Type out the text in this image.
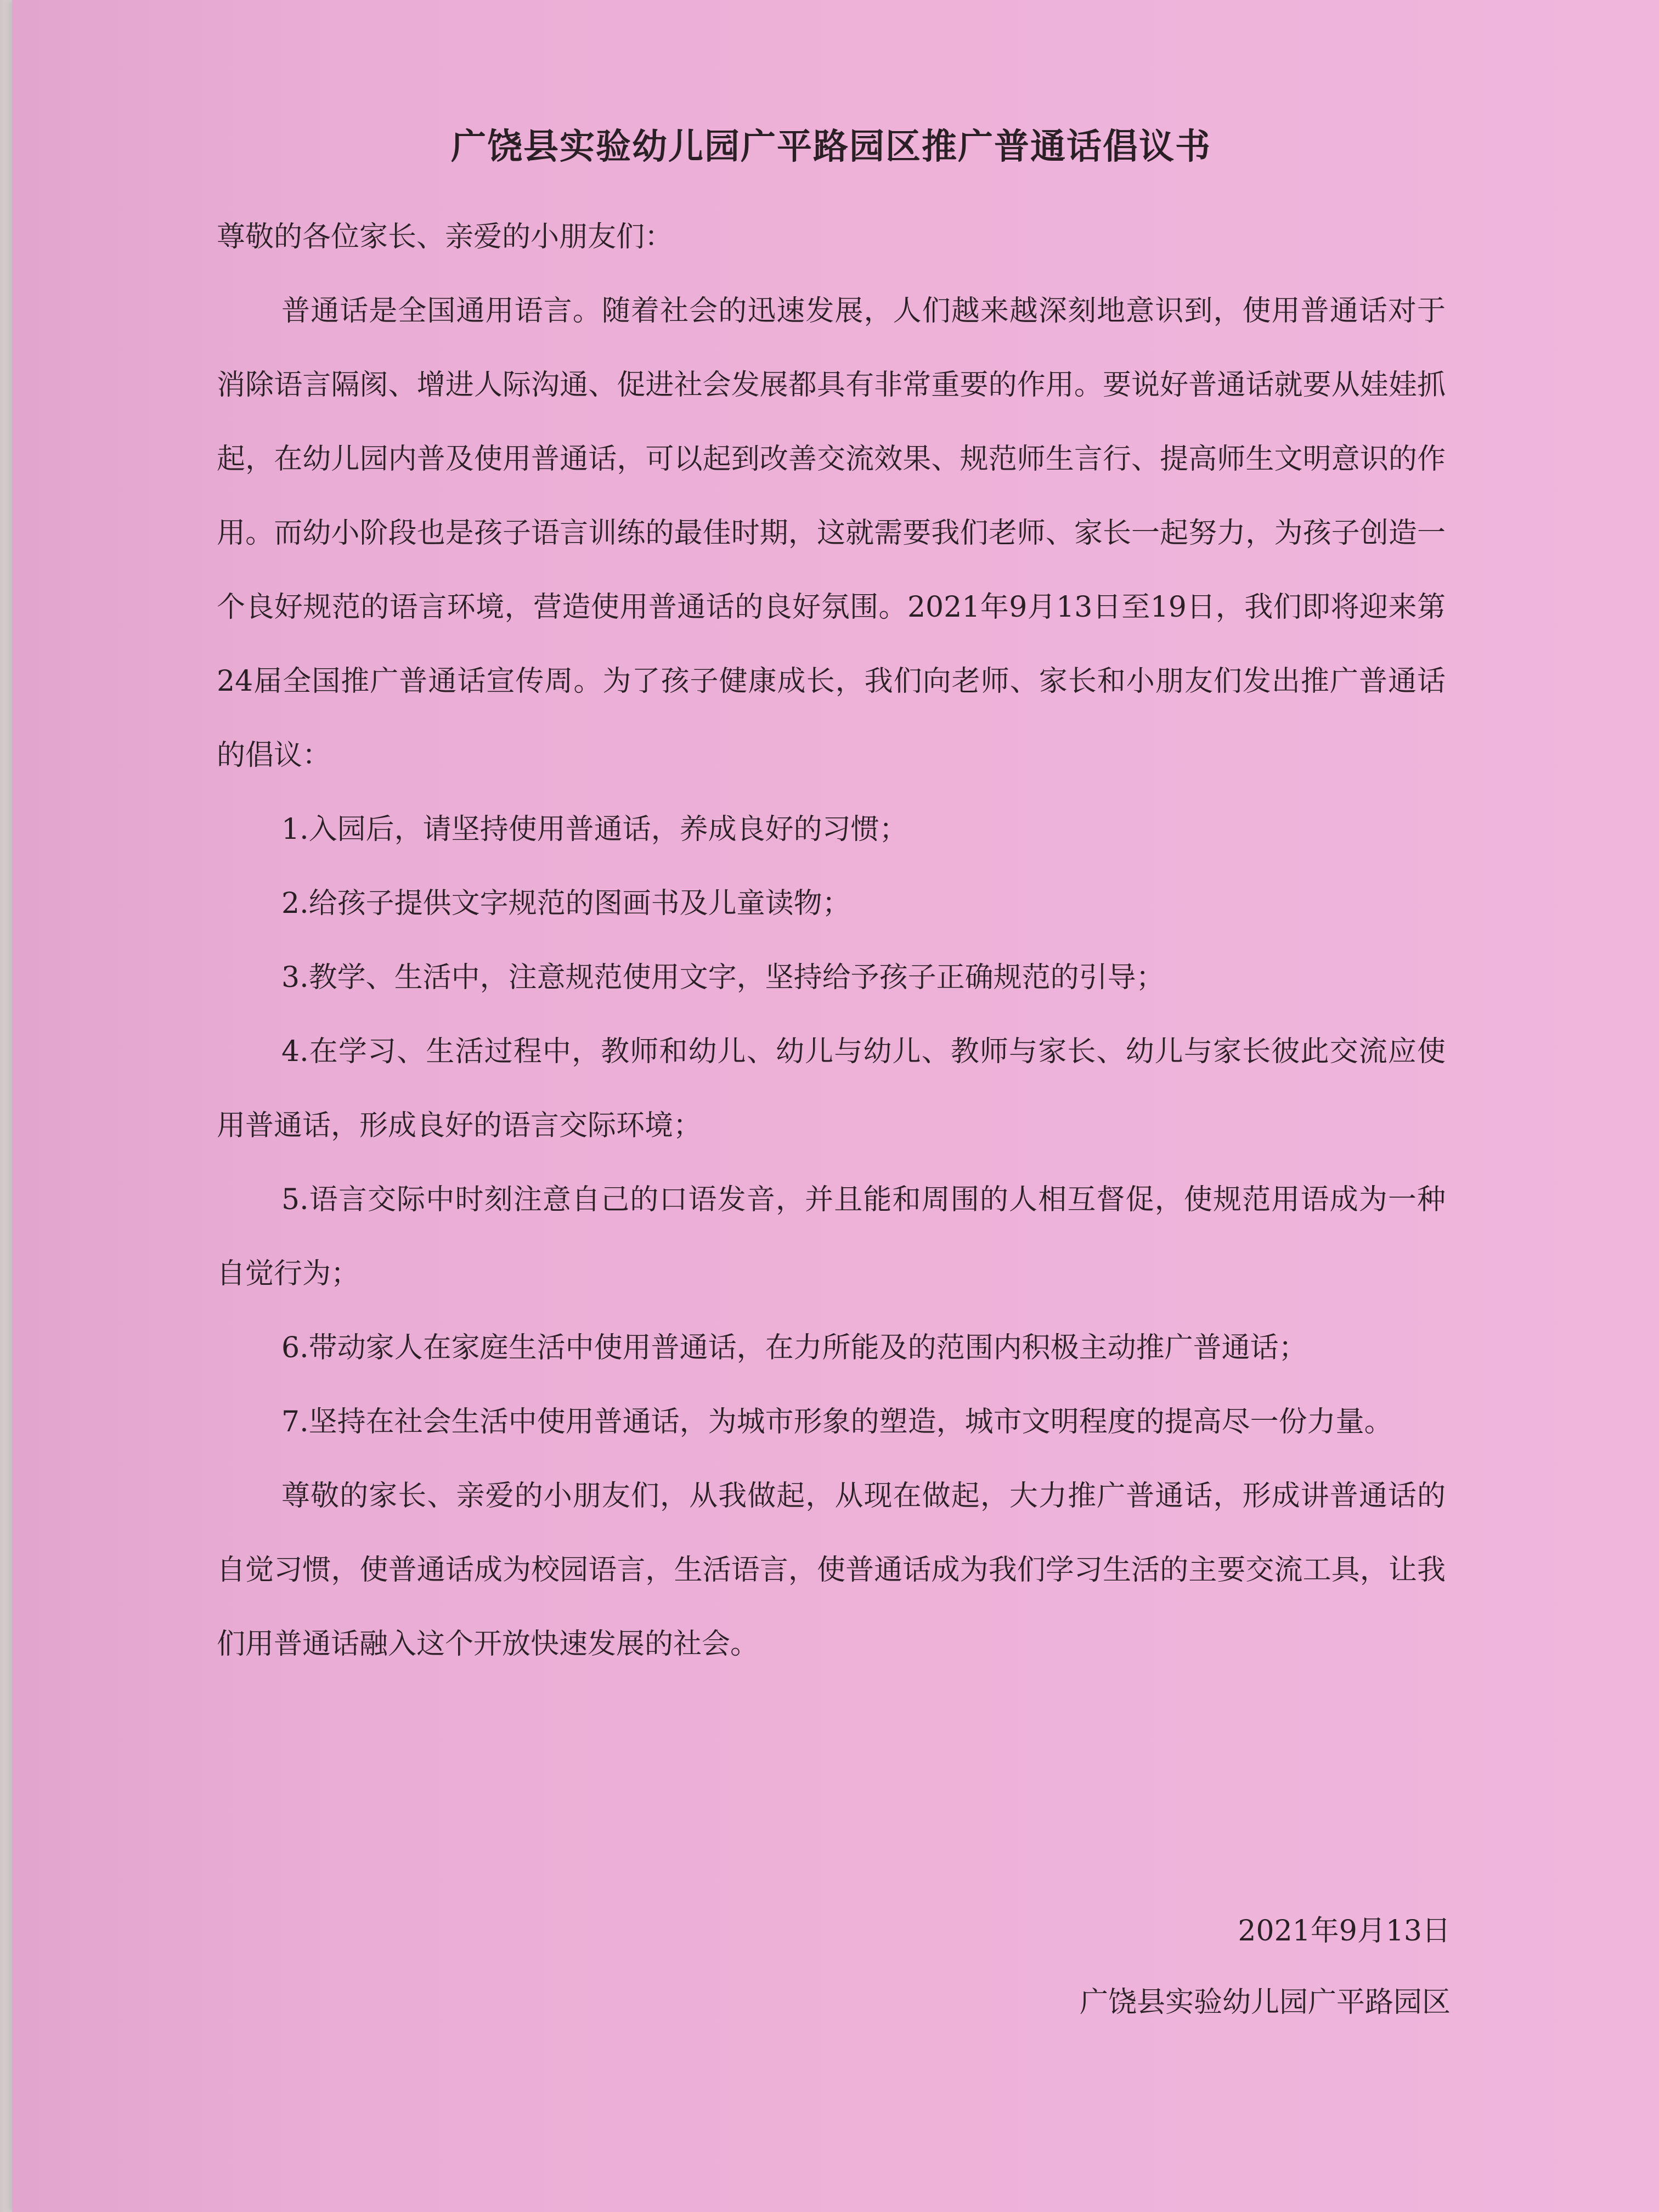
广饶县实验幼儿园广平路园区推广普通话倡议书

尊敬的各位家长、亲爱的小朋友们：

普通话是全国通用语言。随着社会的迅速发展，人们越来越深刻地意识到，使用普通话对于消除语言隔阂、增进人际沟通、促进社会发展都具有非常重要的作用。要说好普通话就要从娃娃抓起，在幼儿园内普及使用普通话，可以起到改善交流效果、规范师生言行、提高师生文明意识的作用。而幼小阶段也是孩子语言训练的最佳时期，这就需要我们老师、家长一起努力，为孩子创造一个良好规范的语言环境，营造使用普通话的良好氛围。2021年9月13日至19日，我们即将迎来第24届全国推广普通话宣传周。为了孩子健康成长，我们向老师、家长和小朋友们发出推广普通话的倡议：

1.入园后，请坚持使用普通话，养成良好的习惯；

2.给孩子提供文字规范的图画书及儿童读物；

3.教学、生活中，注意规范使用文字，坚持给予孩子正确规范的引导；

4.在学习、生活过程中，教师和幼儿、幼儿与幼儿、教师与家长、幼儿与家长彼此交流应使用普通话，形成良好的语言交际环境；

5.语言交际中时刻注意自己的口语发音，并且能和周围的人相互督促，使规范用语成为一种自觉行为；

6.带动家人在家庭生活中使用普通话，在力所能及的范围内积极主动推广普通话；

7.坚持在社会生活中使用普通话，为城市形象的塑造，城市文明程度的提高尽一份力量。

尊敬的家长、亲爱的小朋友们，从我做起，从现在做起，大力推广普通话，形成讲普通话的自觉习惯，使普通话成为校园语言，生活语言，使普通话成为我们学习生活的主要交流工具，让我们用普通话融入这个开放快速发展的社会。

2021年9月13日
广饶县实验幼儿园广平路园区
